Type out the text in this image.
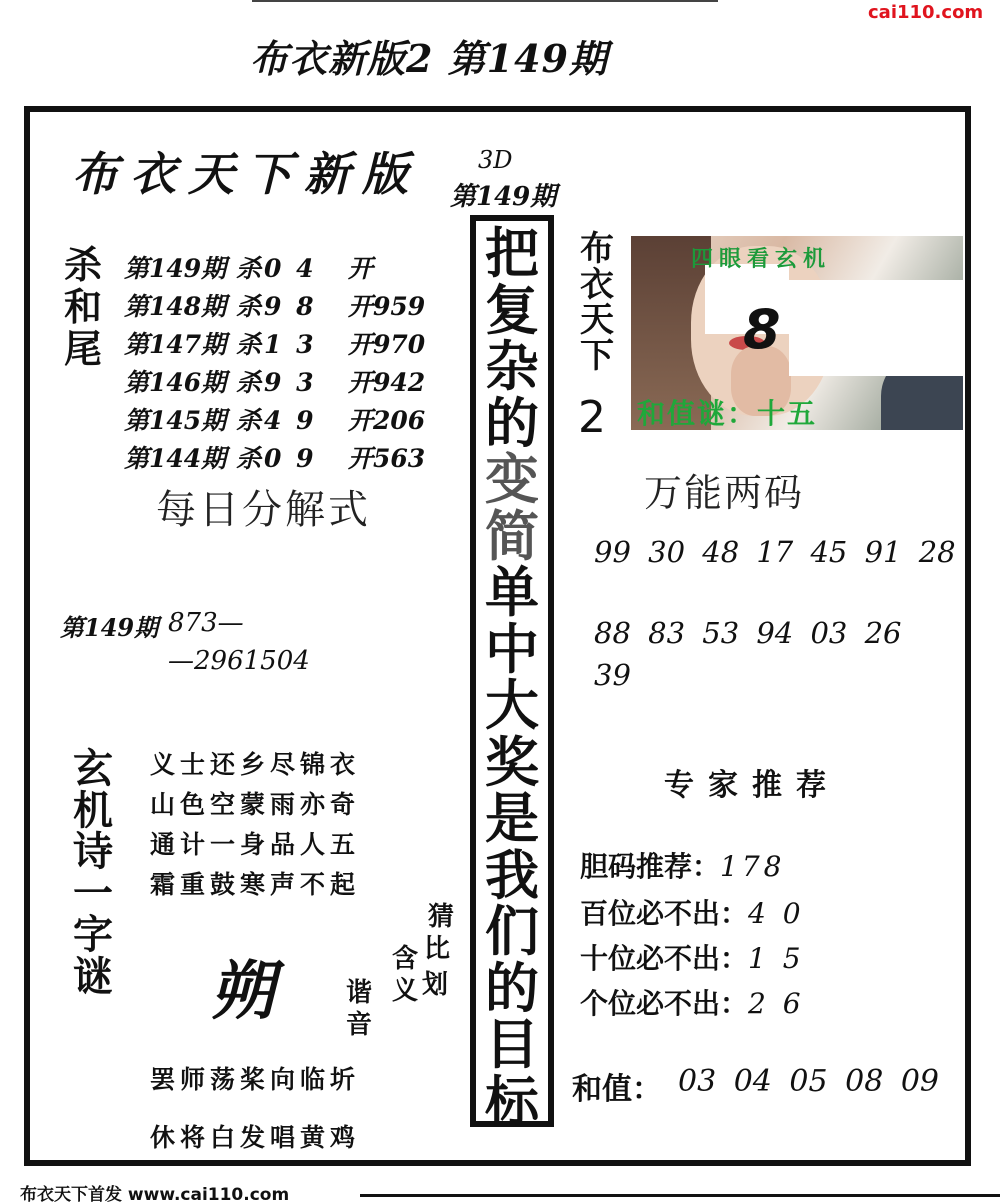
布衣新版2 第149期
cai110.com
布衣天下新版 3D
第149期
杀和尾
第149期 杀0 4	开
第148期 杀9 8	开959
第147期 杀1 3	开970
第146期 杀9 3	开942
第145期 杀4 9	开206
第144期 杀0 9	开563
每日分解式
第149期 873—
—2961504
玄机诗一字谜
义士还乡尽锦衣
山色空蒙雨亦奇
通计一身品人五
霜重鼓寒声不起
朔
猜
比
划
含
义
谐
音
罢师荡桨向临圻
休将白发唱黄鸡
把
复
杂
的
变
简
单
中
大
奖
是
我
们
的
目
标
布
衣
天
下
2
四眼看玄机
8
和值谜：十五
万能两码
99 30 48 17 45 91 28
88 83 53 94 03 26
39
专家推荐
胆码推荐：178
百位必不出：4 0
十位必不出：1 5
个位必不出：2 6
和值： 03 04 05 08 09
布衣天下首发 www.cai110.com
